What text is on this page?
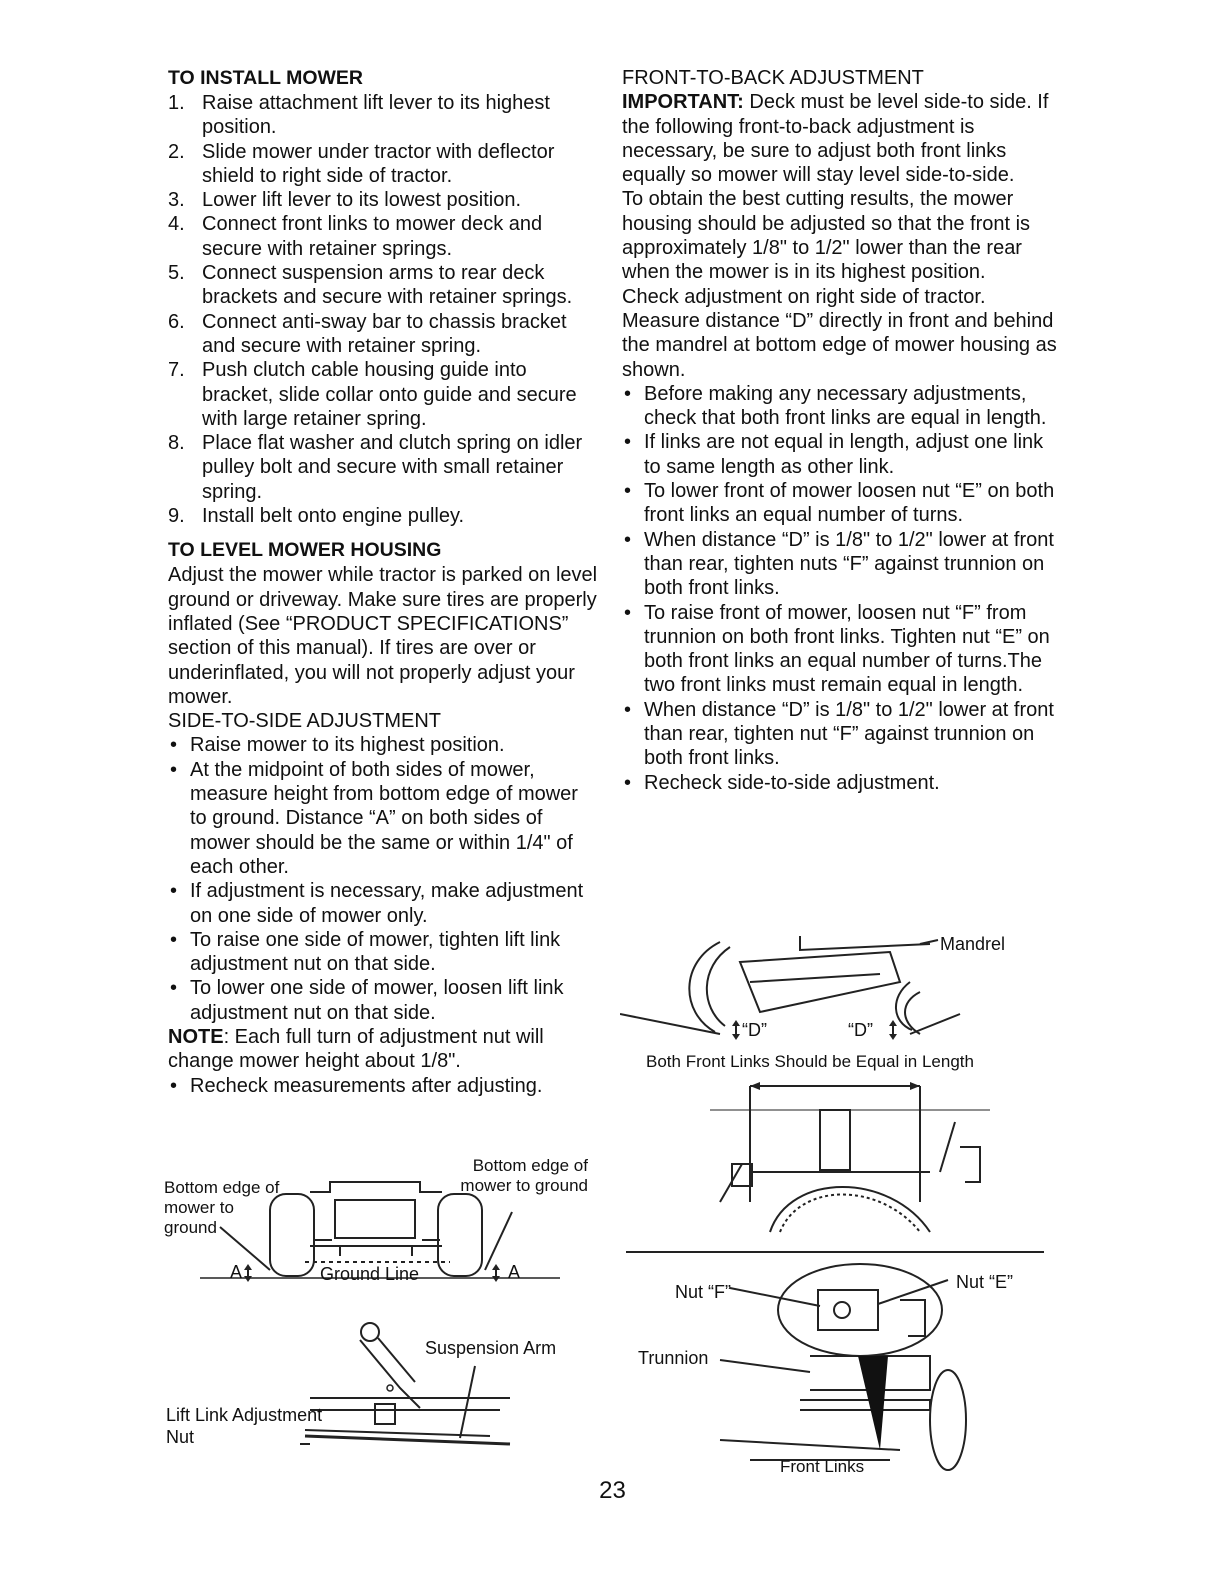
TO INSTALL MOWER
1. Raise attachment lift lever to its highest position.
2. Slide mower under tractor with deflector shield to right side of tractor.
3. Lower lift lever to its lowest position.
4. Connect front links to mower deck and secure with retainer springs.
5. Connect suspension arms to rear deck brackets and secure with retainer springs.
6. Connect anti-sway bar to chassis bracket and secure with retainer spring.
7. Push clutch cable housing guide into bracket, slide collar onto guide and secure with large retainer spring.
8. Place flat washer and clutch spring on idler pulley bolt and secure with small retainer spring.
9. Install belt onto engine pulley.
TO LEVEL MOWER HOUSING

Adjust the mower while tractor is parked on level ground or driveway. Make sure tires are properly inflated (See “PRODUCT SPECIFICATIONS” section of this manual). If tires are over or underinflated, you will not properly adjust your mower.

SIDE-TO-SIDE ADJUSTMENT

• Raise mower to its highest position.
• At the midpoint of both sides of mower, measure height from bottom edge of mower to ground. Distance “A” on both sides of mower should be the same or within 1/4" of each other.
• If adjustment is necessary, make adjustment on one side of mower only.
• To raise one side of mower, tighten lift link adjustment nut on that side.
• To lower one side of mower, loosen lift link adjustment nut on that side.

NOTE: Each full turn of adjustment nut will change mower height about 1/8".

• Recheck measurements after adjusting.
Bottom edge of mower to ground
Bottom edge of mower to ground
Ground Line
A	A
Suspension Arm
Lift Link Adjustment Nut

FRONT-TO-BACK ADJUSTMENT

IMPORTANT: Deck must be level side-to side. If the following front-to-back adjustment is necessary, be sure to adjust both front links equally so mower will stay level side-to-side.

To obtain the best cutting results, the mower housing should be adjusted so that the front is approximately 1/8" to 1/2" lower than the rear when the mower is in its highest position.

Check adjustment on right side of tractor. Measure distance “D” directly in front and behind the mandrel at bottom edge of mower housing as shown.

• Before making any necessary adjustments, check that both front links are equal in length.
• If links are not equal in length, adjust one link to same length as other link.
• To lower front of mower loosen nut “E” on both front links an equal number of turns.
• When distance “D” is 1/8" to 1/2" lower at front than rear, tighten nuts “F” against trunnion on both front links.
• To raise front of mower, loosen nut “F” from trunnion on both front links. Tighten nut “E” on both front links an equal number of turns.The two front links must remain equal in length.
• When distance “D” is 1/8" to 1/2" lower at front than rear, tighten nut “F” against trunnion on both front links.
• Recheck side-to-side adjustment.
Mandrel
“D”	“D”
Both Front Links Should be Equal in Length
Nut “F”	Nut “E”
Trunnion
Front Links
23
